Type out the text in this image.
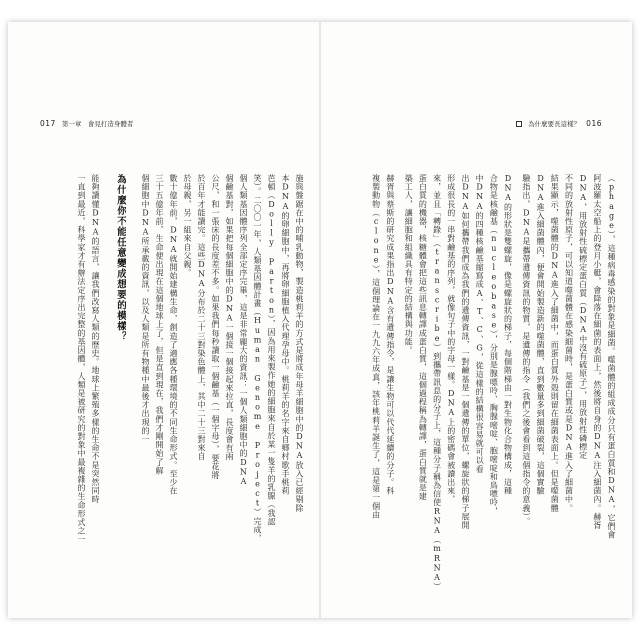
017 第一章　會見打造身體者	為什麼要長這樣？ 016
施與盤踞在中的哺乳動物，製造桃莉羊的方式是將成年母羊細胞中的DNA放入已經剔除
本DNA的卵細胞中，再將卵細胞植入代理孕母中。桃莉羊的名字來自鄉村歌手桃莉
芭頓（Dolly Parton），因為用來製作她的細胞來自於某一隻羊的乳腺（我認
笑）。二〇〇一年，人類基因體計畫（Human Genome Project）完成，
個人類基因體序列全部定序完畢，這是非常龐大的資訊：一個人類細胞中的DNA
個鹼基對，如果把每個細胞中的DNA一個接一個接起來拉直，長度會有兩
公尺，和一張床的長度差不多。如果我們每秒讀取一個鹼基（一個字母），要花將
於百年才能讀完。這些DNA分布於二十三對染色體上，其中二十三對來自
於母親，另一組來自父親。
數十億年前，DNA就開始建構生命，創造了適應各種環境的不同生命形式。至少在
三十五億年前，生命便出現在這個地球上了，但是直到現在，我們才剛開始了解
個細胞中DNA所承載的資訊，以及人類是所有物種中最後才出現的一
為什麼你不能任意變成想要的模樣？
能夠讀懂DNA的語言，讓我們改寫人類的歷史。地球上繁殖多樣的生命不是突然同時
一直到最近，科學家才有辦法定序出完整的基因體，人類是被研究的對象中最複雜的生命形式之一	（phage），這種病毒感染的對象是細菌。噬菌體的組成成分只有蛋白質和DNA，它們會
阿波羅太空船上的登月小艇，會降落在細菌的表面上，然後將自身的DNA注入細菌內。赫胥
DNA，用放射性硫標定蛋白質（DNA中沒有硫原子），用放射性磷標定
不同的放射性原子，可以知道噬菌體在感染細菌時，是蛋白質或是DNA進入了細菌中。
結果顯示，噬菌體的DNA進入了細菌中，而蛋白質外殼則留在細菌表面上。但是噬菌體
DNA進入細菌體內，便會開始製造新的噬菌體，直到數量多到細菌破裂，這個實驗
驗指出，DNA是攜帶遺傳資訊的物質，是遺傳的指令（我們之後會看到這個指令的意義）。
DNA的形狀是雙螺旋，像是螺旋狀的梯子，每個階梯由一對生物化合物構成，這種
合物是核鹼基（nucleobase），分別是腺嘌呤、胸腺嘧啶、胞嘧啶和鳥嘌呤，
中DNA的四種核鹼基縮寫成A、T、C、G，從這樣的結構很容易就可以看
出DNA如何攜帶我們成為我們的遺傳資訊，一對鹼基是一個遺傳的單位，螺旋狀的梯子展開
形成很長的一串對鹼基的序列，就像句子中的字母一樣。DNA上的密碼會被讀出來，
來，並且「轉錄」（transcribe）到攜帶訊息的分子上，這種分子稱為信使RNA（mRNA）
蛋白質的機器，核糖體會把這些訊息轉譯成蛋白質，這個過程稱為轉譯，蛋白質就是建
築工人，讓細胞和組織具有特定的結構與功能。
赫胥與蔡斯的研究成果指出DNA含有遺傳指令，是讓生物可以代代延續的分子。科
複製動物（clone），這個理論在一九九六年成真，該年桃莉羊誕生了，這是第一個由
